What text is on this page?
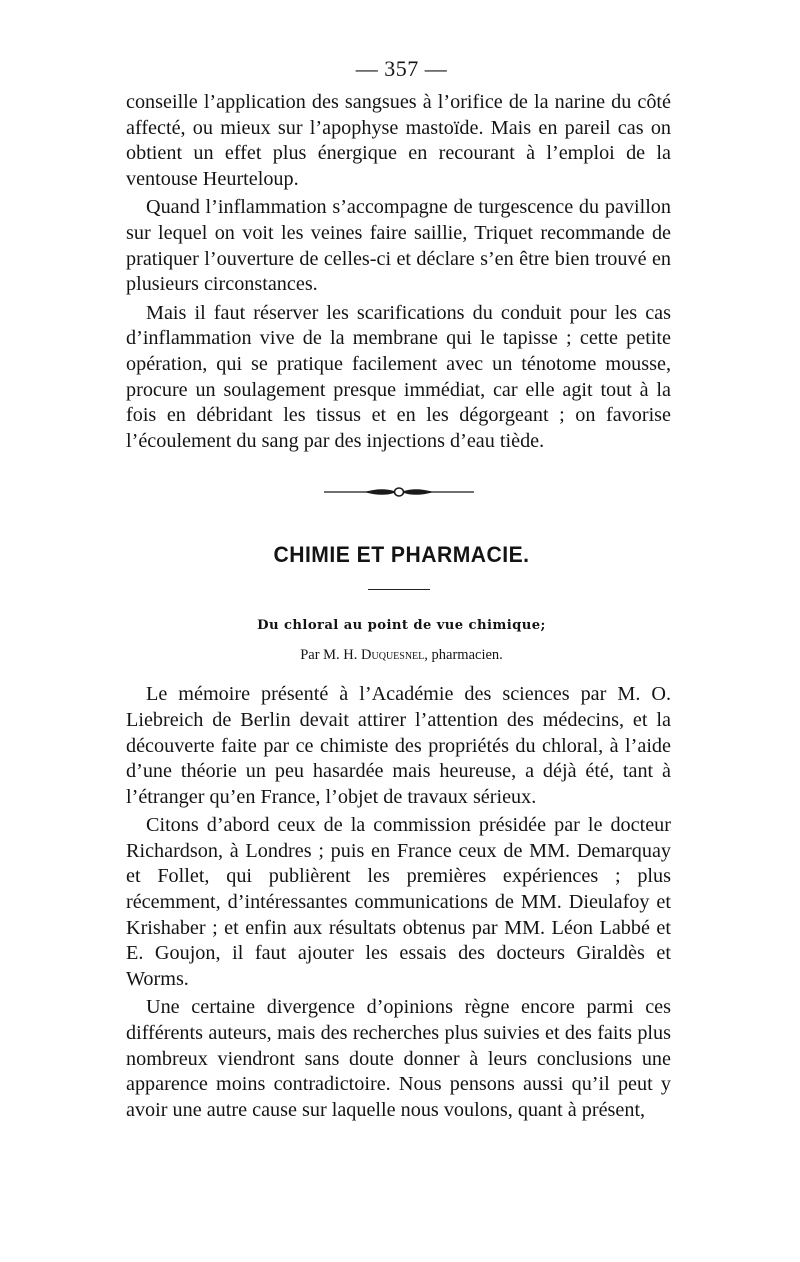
— 357 —

conseille l’application des sangsues à l’orifice de la narine du côté affecté, ou mieux sur l’apophyse mastoïde. Mais en pareil cas on obtient un effet plus énergique en recourant à l’emploi de la ventouse Heurteloup.

Quand l’inflammation s’accompagne de turgescence du pavillon sur lequel on voit les veines faire saillie, Triquet recommande de pratiquer l’ouverture de celles-ci et déclare s’en être bien trouvé en plusieurs circonstances.

Mais il faut réserver les scarifications du conduit pour les cas d’inflammation vive de la membrane qui le tapisse ; cette petite opération, qui se pratique facilement avec un ténotome mousse, procure un soulagement presque immédiat, car elle agit tout à la fois en débridant les tissus et en les dégorgeant ; on favorise l’écoulement du sang par des injections d’eau tiède.

CHIMIE ET PHARMACIE.
Du chloral au point de vue chimique;
Par M. H. Duquesnel, pharmacien.

Le mémoire présenté à l’Académie des sciences par M. O. Liebreich de Berlin devait attirer l’attention des médecins, et la découverte faite par ce chimiste des propriétés du chloral, à l’aide d’une théorie un peu hasardée mais heureuse, a déjà été, tant à l’étranger qu’en France, l’objet de travaux sérieux.

Citons d’abord ceux de la commission présidée par le docteur Richardson, à Londres ; puis en France ceux de MM. Demarquay et Follet, qui publièrent les premières expériences ; plus récemment, d’intéressantes communications de MM. Dieulafoy et Krishaber ; et enfin aux résultats obtenus par MM. Léon Labbé et E. Goujon, il faut ajouter les essais des docteurs Giraldès et Worms.

Une certaine divergence d’opinions règne encore parmi ces différents auteurs, mais des recherches plus suivies et des faits plus nombreux viendront sans doute donner à leurs conclusions une apparence moins contradictoire. Nous pensons aussi qu’il peut y avoir une autre cause sur laquelle nous voulons, quant à présent,
